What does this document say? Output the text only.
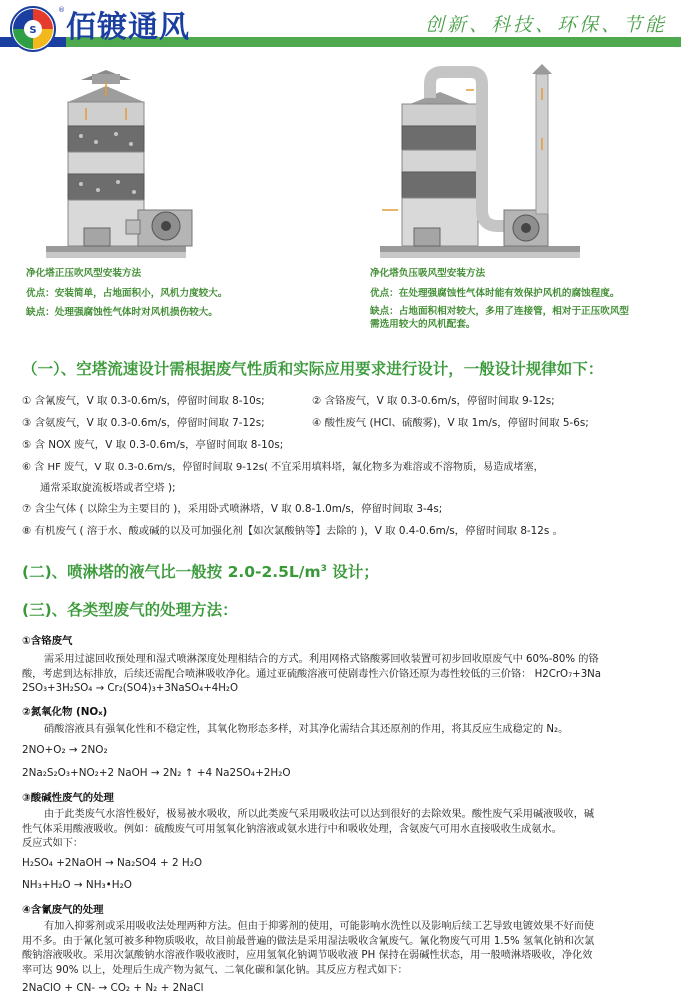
S
® 佰镀通风	创新、科技、环保、节能
净化塔正压吹风型安装方法
优点：安装简单，占地面积小，风机力度较大。
缺点：处理强腐蚀性气体时对风机损伤较大。
净化塔负压吸风型安装方法
优点：在处理强腐蚀性气体时能有效保护风机的腐蚀程度。
缺点：占地面积相对较大，多用了连接管，相对于正压吹风型
需选用较大的风机配套。
（一）、空塔流速设计需根据废气性质和实际应用要求进行设计，一般设计规律如下：
① 含氰废气，V 取 0.3-0.6m/s，停留时间取 8-10s;	② 含铬废气，V 取 0.3-0.6m/s，停留时间取 9-12s;
③ 含氨废气，V 取 0.3-0.6m/s，停留时间取 7-12s;	④ 酸性废气 (HCl、硫酸雾)，V 取 1m/s，停留时间取 5-6s;
⑤ 含 NOX 废气，V 取 0.3-0.6m/s，亭留时间取 8-10s;
⑥ 含 HF 废气，V 取 0.3-0.6m/s，停留时间取 9-12s( 不宜采用填料塔，氟化物多为难溶或不溶物质，易造成堵塞，
通常采取旋流板塔或者空塔 );
⑦ 含尘气体 ( 以除尘为主要目的 )，采用卧式喷淋塔，V 取 0.8-1.0m/s，停留时间取 3-4s;
⑧ 有机废气 ( 溶于水、酸或碱的以及可加强化剂【如次氯酸钠等】去除的 )，V 取 0.4-0.6m/s，停留时间取 8-12s 。
(二)、喷淋塔的液气比一般按 $2.0-2.5L/m^3$ 设计；
(三)、各类型废气的处理方法：
①含铬废气
需采用过滤回收预处理和湿式喷淋深度处理相结合的方式。利用网格式铬酸雾回收装置可初步回收原废气中 60%-80% 的铬
酸，考虑到达标排放，后续还需配合喷淋吸收净化。通过亚硫酸溶液可使剧毒性六价铬还原为毒性较低的三价铬： H2CrO₇+3Na
2SO₃+3H₂SO₄ → Cr₂(SO4)₃+3NaSO₄+4H₂O
②氮氧化物 (NOₓ)
硝酸溶液具有强氧化性和不稳定性，其氧化物形态多样，对其净化需结合其还原剂的作用，将其反应生成稳定的 N₂。
2NO+O₂ → 2NO₂
2Na₂S₂O₃+NO₂+2 NaOH → 2N₂ ↑ +4 Na2SO₄+2H₂O
③酸碱性废气的处理
由于此类废气水溶性极好，极易被水吸收，所以此类废气采用吸收法可以达到很好的去除效果。酸性废气采用碱液吸收，碱
性气体采用酸液吸收。例如：硫酸废气可用氢氧化钠溶液或氨水进行中和吸收处理，含氨废气可用水直接吸收生成氨水。
反应式如下：
H₂SO₄ +2NaOH → Na₂SO4 + 2 H₂O
NH₃+H₂O → NH₃•H₂O
④含氰废气的处理
有加入抑雾剂或采用吸收法处理两种方法。但由于抑雾剂的使用，可能影响水洗性以及影响后续工艺导致电镀效果不好而使
用不多。由于氰化氢可被多种物质吸收，故目前最普遍的做法是采用湿法吸收含氰废气。氰化物废气可用 1.5% 氢氧化钠和次氯
酸钠溶液吸收。采用次氯酸钠水溶液作吸收液时，应用氢氧化钠调节吸收液 PH 保持在弱碱性状态，用一般喷淋塔吸收，净化效
率可达 90% 以上，处理后生成产物为氮气、二氧化碳和氯化钠。其反应方程式如下：
2NaClO + CN- → CO₂ + N₂ + 2NaCl
